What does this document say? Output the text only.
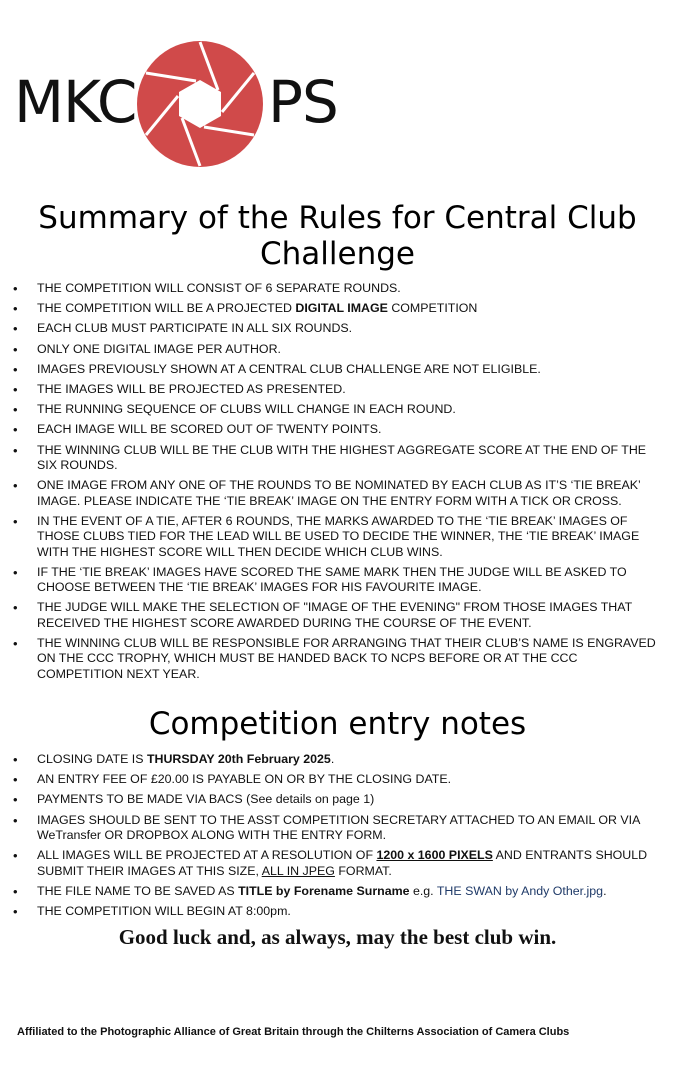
MKC PS
Summary of the Rules for Central Club Challenge
• THE COMPETITION WILL CONSIST OF 6 SEPARATE ROUNDS.
• THE COMPETITION WILL BE A PROJECTED DIGITAL IMAGE COMPETITION
• EACH CLUB MUST PARTICIPATE IN ALL SIX ROUNDS.
• ONLY ONE DIGITAL IMAGE PER AUTHOR.
• IMAGES PREVIOUSLY SHOWN AT A CENTRAL CLUB CHALLENGE ARE NOT ELIGIBLE.
• THE IMAGES WILL BE PROJECTED AS PRESENTED.
• THE RUNNING SEQUENCE OF CLUBS WILL CHANGE IN EACH ROUND.
• EACH IMAGE WILL BE SCORED OUT OF TWENTY POINTS.
• THE WINNING CLUB WILL BE THE CLUB WITH THE HIGHEST AGGREGATE SCORE AT THE END OF THE SIX ROUNDS.
• ONE IMAGE FROM ANY ONE OF THE ROUNDS TO BE NOMINATED BY EACH CLUB AS IT’S ‘TIE BREAK’ IMAGE. PLEASE INDICATE THE ‘TIE BREAK’ IMAGE ON THE ENTRY FORM WITH A TICK OR CROSS.
• IN THE EVENT OF A TIE, AFTER 6 ROUNDS, THE MARKS AWARDED TO THE ‘TIE BREAK’ IMAGES OF THOSE CLUBS TIED FOR THE LEAD WILL BE USED TO DECIDE THE WINNER, THE ‘TIE BREAK’ IMAGE WITH THE HIGHEST SCORE WILL THEN DECIDE WHICH CLUB WINS.
• IF THE ‘TIE BREAK’ IMAGES HAVE SCORED THE SAME MARK THEN THE JUDGE WILL BE ASKED TO CHOOSE BETWEEN THE ‘TIE BREAK’ IMAGES FOR HIS FAVOURITE IMAGE.
• THE JUDGE WILL MAKE THE SELECTION OF "IMAGE OF THE EVENING" FROM THOSE IMAGES THAT RECEIVED THE HIGHEST SCORE AWARDED DURING THE COURSE OF THE EVENT.
• THE WINNING CLUB WILL BE RESPONSIBLE FOR ARRANGING THAT THEIR CLUB’S NAME IS ENGRAVED ON THE CCC TROPHY, WHICH MUST BE HANDED BACK TO NCPS BEFORE OR AT THE CCC COMPETITION NEXT YEAR.
Competition entry notes
• CLOSING DATE IS THURSDAY 20th February 2025.
• AN ENTRY FEE OF £20.00 IS PAYABLE ON OR BY THE CLOSING DATE.
• PAYMENTS TO BE MADE VIA BACS (See details on page 1)
• IMAGES SHOULD BE SENT TO THE ASST COMPETITION SECRETARY ATTACHED TO AN EMAIL OR VIA WeTransfer OR DROPBOX ALONG WITH THE ENTRY FORM.
• ALL IMAGES WILL BE PROJECTED AT A RESOLUTION OF 1200 x 1600 PIXELS AND ENTRANTS SHOULD SUBMIT THEIR IMAGES AT THIS SIZE, ALL IN JPEG FORMAT.
• THE FILE NAME TO BE SAVED AS TITLE by Forename Surname e.g. THE SWAN by Andy Other.jpg.
• THE COMPETITION WILL BEGIN AT 8:00pm.
Good luck and, as always, may the best club win.
Affiliated to the Photographic Alliance of Great Britain through the Chilterns Association of Camera Clubs
